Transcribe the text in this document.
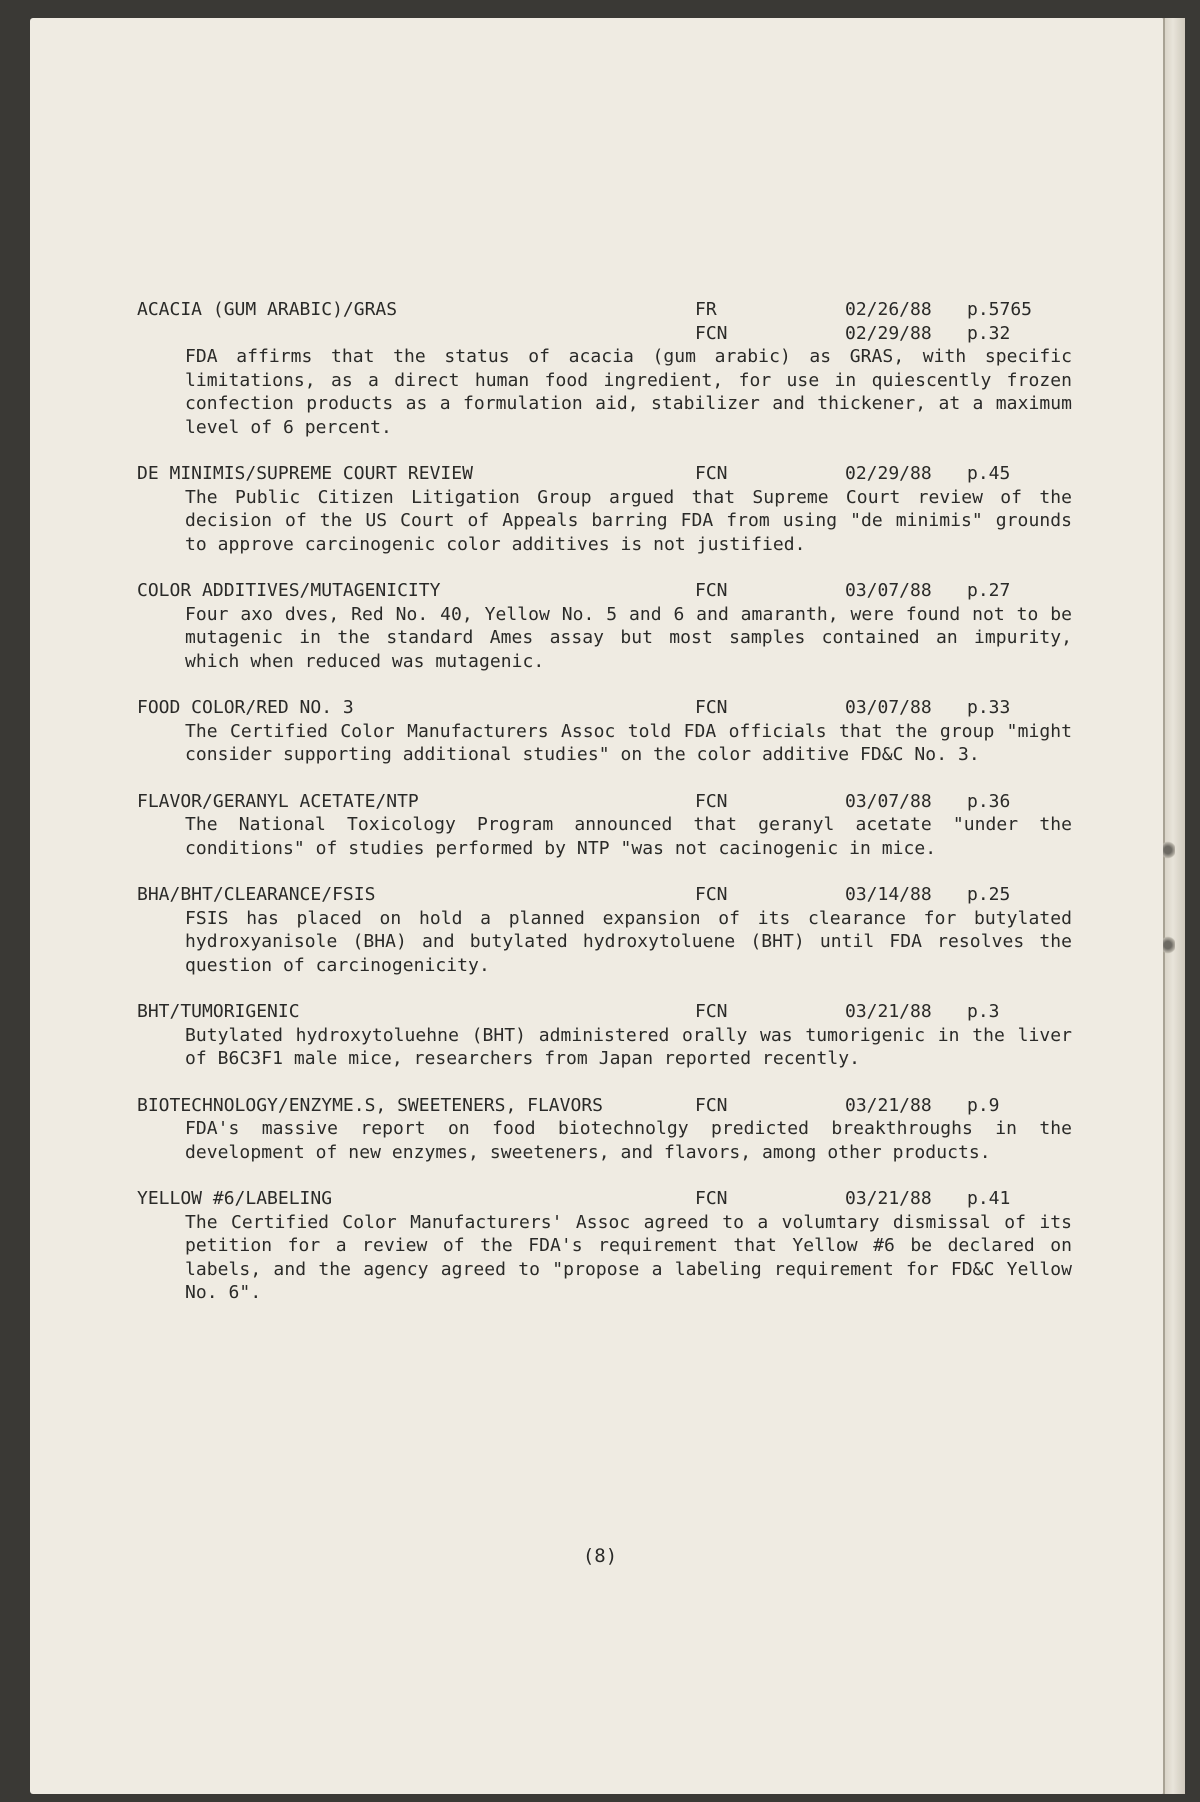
ACACIA (GUM ARABIC)/GRAS	FR	02/26/88 p.5765
FCN	02/29/88 p.32
FDA affirms that the status of acacia (gum arabic) as GRAS, with specific limitations, as a direct human food ingredient, for use in quiescently frozen confection products as a formulation aid, stabilizer and thickener, at a maximum level of 6 percent.
DE MINIMIS/SUPREME COURT REVIEW	FCN	02/29/88 p.45
The Public Citizen Litigation Group argued that Supreme Court review of the decision of the US Court of Appeals barring FDA from using "de minimis" grounds to approve carcinogenic color additives is not justified.
COLOR ADDITIVES/MUTAGENICITY	FCN	03/07/88 p.27
Four axo dves, Red No. 40, Yellow No. 5 and 6 and amaranth, were found not to be mutagenic in the standard Ames assay but most samples contained an impurity, which when reduced was mutagenic.
FOOD COLOR/RED NO. 3	FCN	03/07/88 p.33
The Certified Color Manufacturers Assoc told FDA officials that the group "might consider supporting additional studies" on the color additive FD&C No. 3.
FLAVOR/GERANYL ACETATE/NTP	FCN	03/07/88 p.36
The National Toxicology Program announced that geranyl acetate "under the conditions" of studies performed by NTP "was not cacinogenic in mice.
BHA/BHT/CLEARANCE/FSIS	FCN	03/14/88 p.25
FSIS has placed on hold a planned expansion of its clearance for butylated hydroxyanisole (BHA) and butylated hydroxytoluene (BHT) until FDA resolves the question of carcinogenicity.
BHT/TUMORIGENIC	FCN	03/21/88 p.3
Butylated hydroxytoluehne (BHT) administered orally was tumorigenic in the liver of B6C3F1 male mice, researchers from Japan reported recently.
BIOTECHNOLOGY/ENZYME.S, SWEETENERS, FLAVORS	FCN	03/21/88 p.9
FDA's massive report on food biotechnolgy predicted breakthroughs in the development of new enzymes, sweeteners, and flavors, among other products.
YELLOW #6/LABELING	FCN	03/21/88 p.41
The Certified Color Manufacturers' Assoc agreed to a volumtary dismissal of its petition for a review of the FDA's requirement that Yellow #6 be declared on labels, and the agency agreed to "propose a labeling requirement for FD&C Yellow No. 6".
(8)
